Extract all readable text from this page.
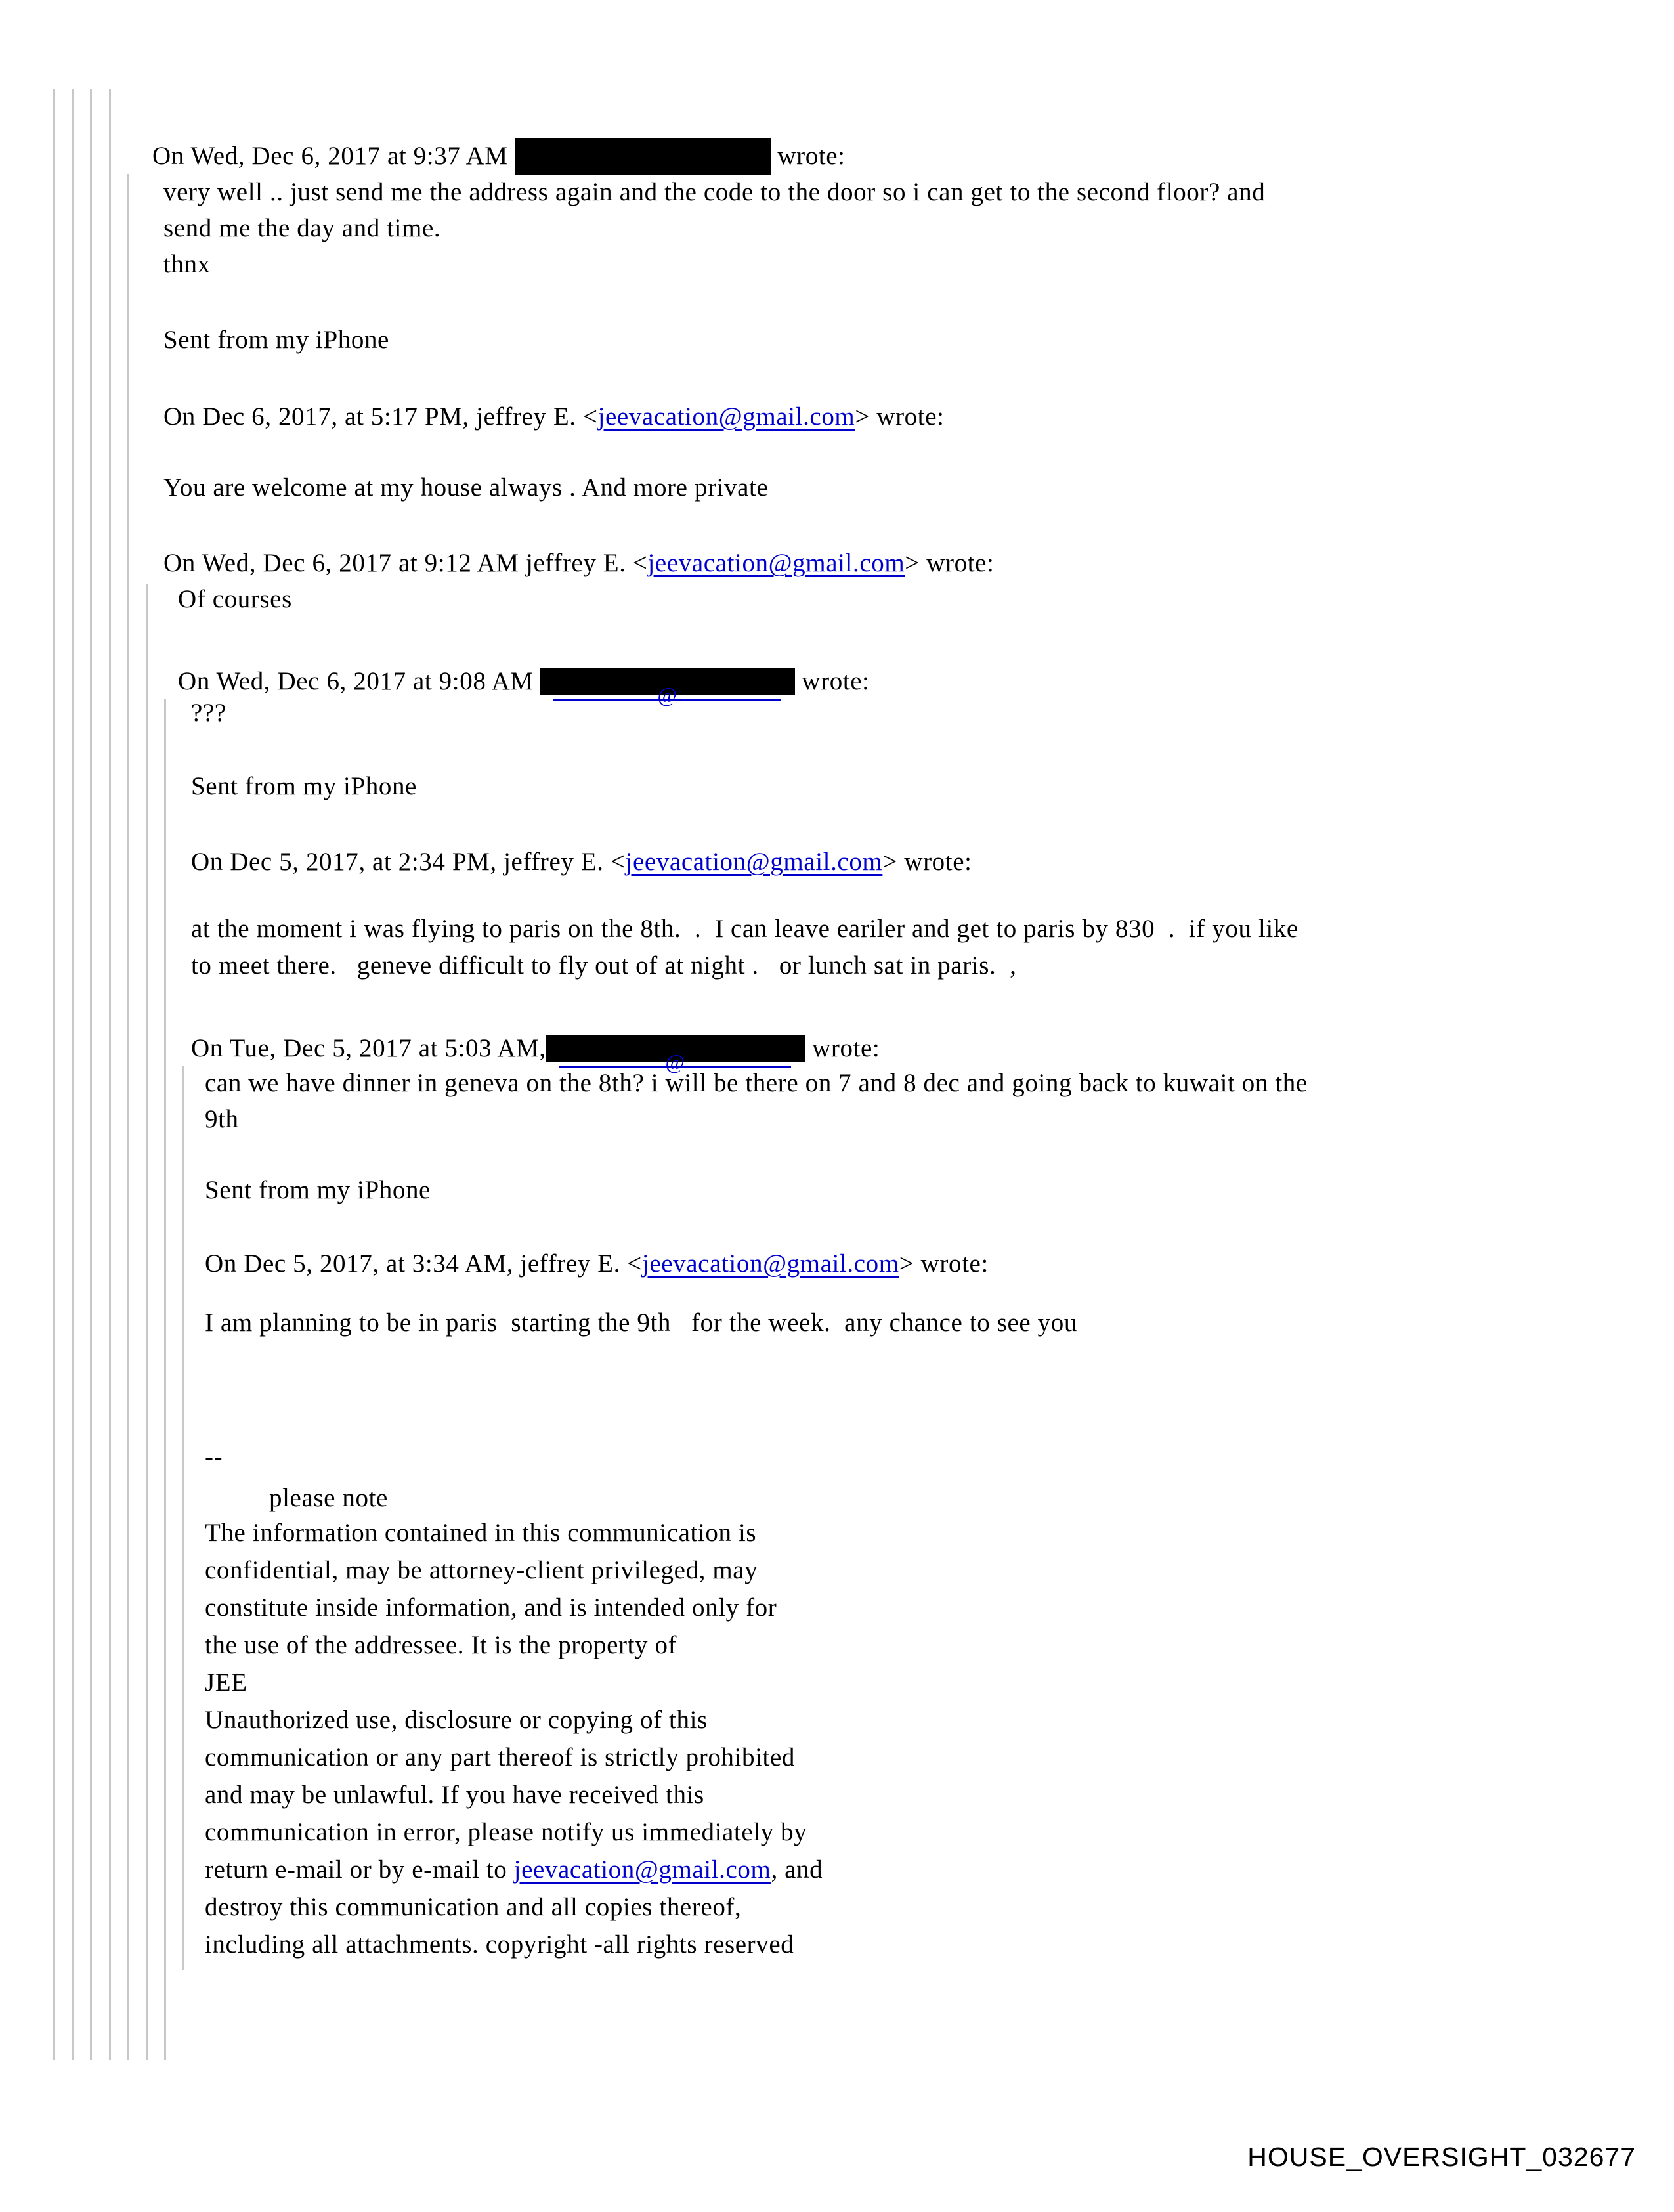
On Wed, Dec 6, 2017 at 9:37 AM	wrote:
very well .. just send me the address again and the code to the door so i can get to the second floor? and
send me the day and time.
thnx
Sent from my iPhone
On Dec 6, 2017, at 5:17 PM, jeffrey E. <jeevacation@gmail.com> wrote:
You are welcome at my house always . And more private
On Wed, Dec 6, 2017 at 9:12 AM jeffrey E. <jeevacation@gmail.com> wrote:
Of courses
On Wed, Dec 6, 2017 at 9:08 AM @	wrote:
???
Sent from my iPhone
On Dec 5, 2017, at 2:34 PM, jeffrey E. <jeevacation@gmail.com> wrote:
at the moment i was flying to paris on the 8th.  .  I can leave eariler and get to paris by 830  .  if you like
to meet there.   geneve difficult to fly out of at night .   or lunch sat in paris.  ,
On Tue, Dec 5, 2017 at 5:03 AM, @	wrote:
can we have dinner in geneva on the 8th? i will be there on 7 and 8 dec and going back to kuwait on the
9th
Sent from my iPhone
On Dec 5, 2017, at 3:34 AM, jeffrey E. <jeevacation@gmail.com> wrote:
I am planning to be in paris  starting the 9th   for the week.  any chance to see you
--
please note
The information contained in this communication is
confidential, may be attorney-client privileged, may
constitute inside information, and is intended only for
the use of the addressee. It is the property of
JEE
Unauthorized use, disclosure or copying of this
communication or any part thereof is strictly prohibited
and may be unlawful. If you have received this
communication in error, please notify us immediately by
return e-mail or by e-mail to jeevacation@gmail.com, and
destroy this communication and all copies thereof,
including all attachments. copyright -all rights reserved
HOUSE_OVERSIGHT_032677
